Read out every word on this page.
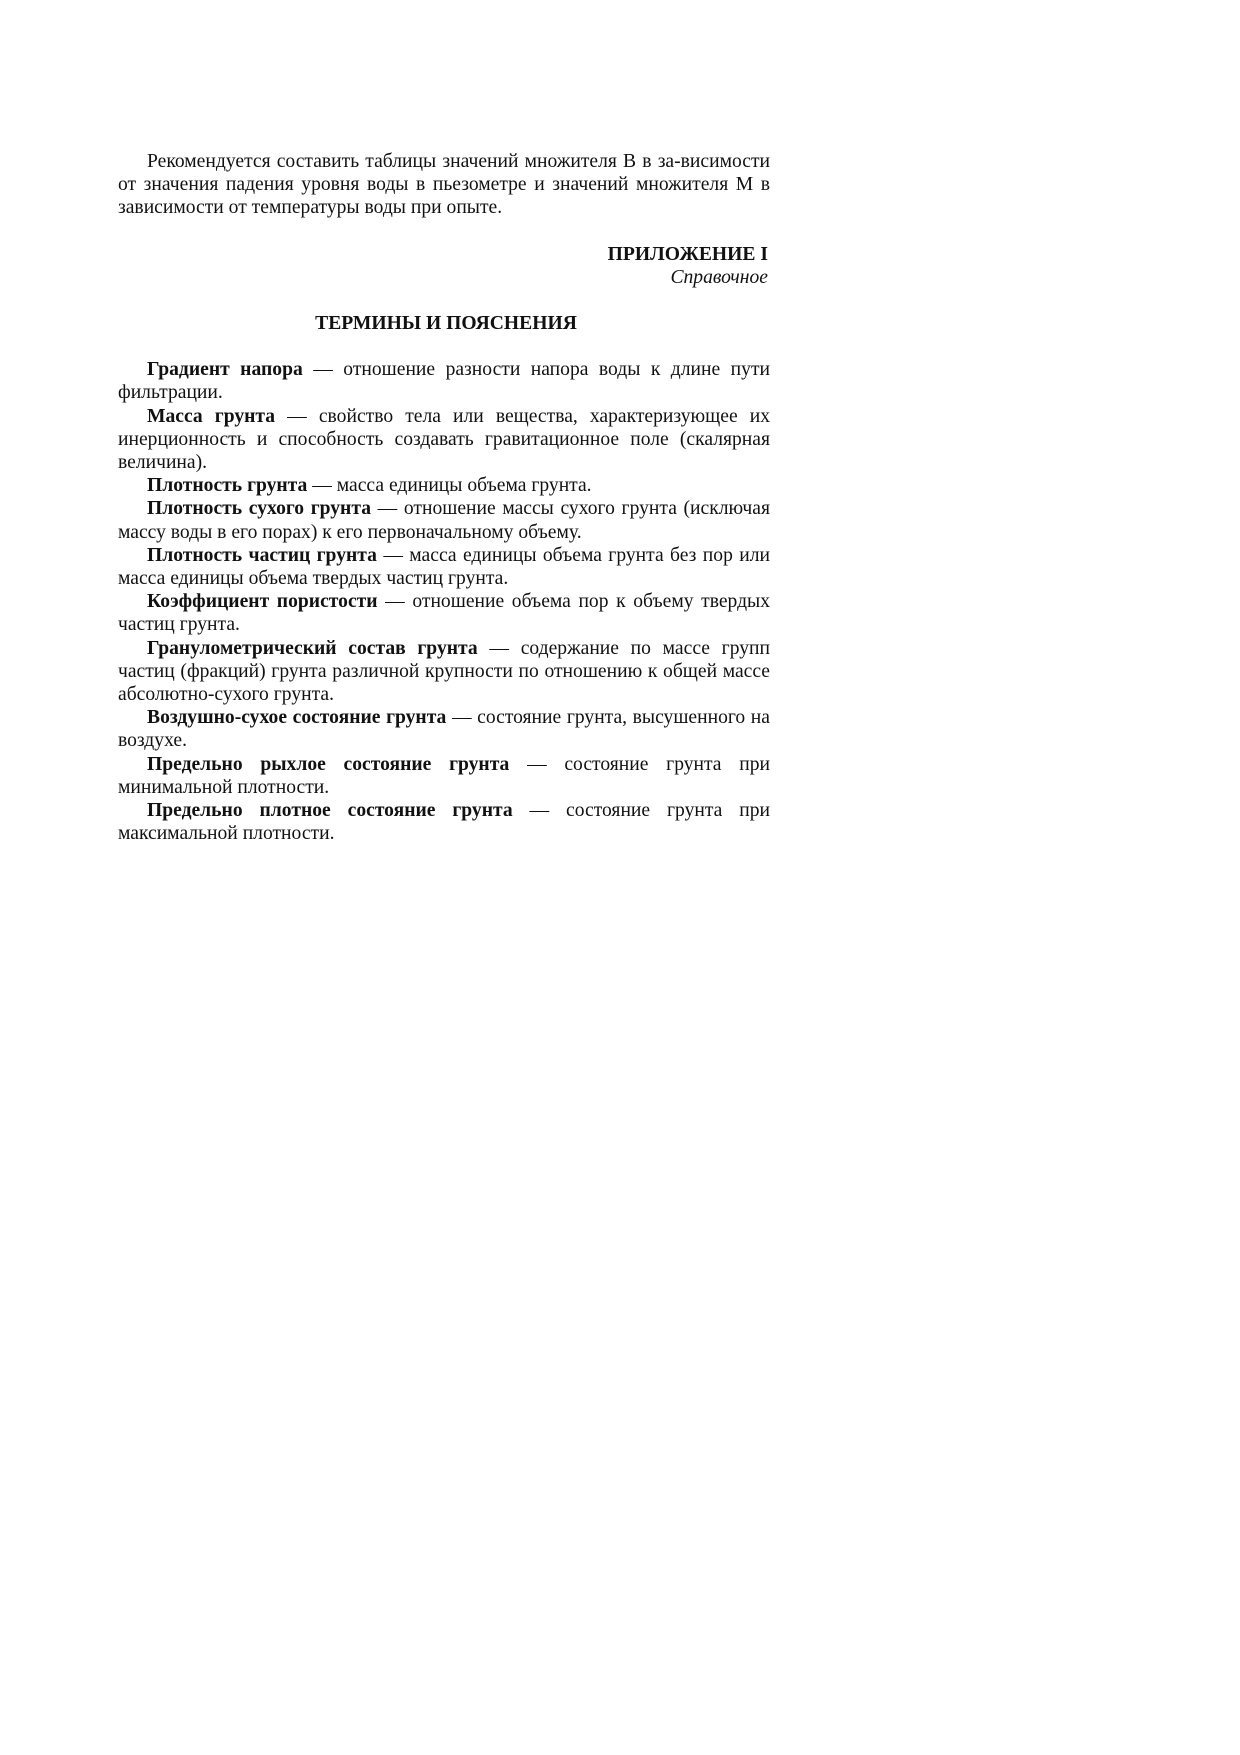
Рекомендуется составить таблицы значений множителя В в за-висимости от значения падения уровня воды в пьезометре и значений множителя М в зависимости от температуры воды при опыте.

ПРИЛОЖЕНИЕ I
Справочное
ТЕРМИНЫ И ПОЯСНЕНИЯ

Градиент напора — отношение разности напора воды к длине пути фильтрации.

Масса грунта — свойство тела или вещества, характеризующее их инерционность и способность создавать гравитационное поле (скалярная величина).

Плотность грунта — масса единицы объема грунта.

Плотность сухого грунта — отношение массы сухого грунта (исключая массу воды в его порах) к его первоначальному объему.

Плотность частиц грунта — масса единицы объема грунта без пор или масса единицы объема твердых частиц грунта.

Коэффициент пористости — отношение объема пор к объему твердых частиц грунта.

Гранулометрический состав грунта — содержание по массе групп частиц (фракций) грунта различной крупности по отношению к общей массе абсолютно-сухого грунта.

Воздушно-сухое состояние грунта — состояние грунта, высушенного на воздухе.

Предельно рыхлое состояние грунта — состояние грунта при минимальной плотности.

Предельно плотное состояние грунта — состояние грунта при максимальной плотности.
